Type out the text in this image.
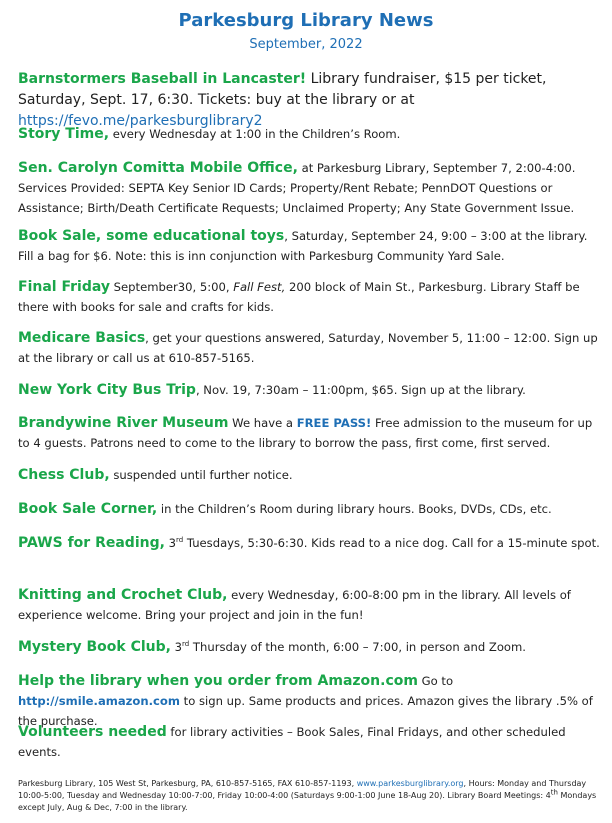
Parkesburg Library News
September, 2022
Barnstormers Baseball in Lancaster! Library fundraiser, $15 per ticket, Saturday, Sept. 17, 6:30. Tickets: buy at the library or at https://fevo.me/parkesburglibrary2
Story Time, every Wednesday at 1:00 in the Children’s Room.
Sen. Carolyn Comitta Mobile Office, at Parkesburg Library, September 7, 2:00-4:00. Services Provided: SEPTA Key Senior ID Cards; Property/Rent Rebate; PennDOT Questions or Assistance; Birth/Death Certificate Requests; Unclaimed Property; Any State Government Issue.
Book Sale, some educational toys, Saturday, September 24, 9:00 – 3:00 at the library. Fill a bag for $6. Note: this is inn conjunction with Parkesburg Community Yard Sale.
Final Friday September30, 5:00, Fall Fest, 200 block of Main St., Parkesburg. Library Staff be there with books for sale and crafts for kids.
Medicare Basics, get your questions answered, Saturday, November 5, 11:00 – 12:00. Sign up at the library or call us at 610-857-5165.
New York City Bus Trip, Nov. 19, 7:30am – 11:00pm, $65. Sign up at the library.
Brandywine River Museum We have a FREE PASS! Free admission to the museum for up to 4 guests. Patrons need to come to the library to borrow the pass, first come, first served.
Chess Club, suspended until further notice.
Book Sale Corner, in the Children’s Room during library hours. Books, DVDs, CDs, etc.
PAWS for Reading, 3rd Tuesdays, 5:30-6:30. Kids read to a nice dog. Call for a 15-minute spot.
Knitting and Crochet Club, every Wednesday, 6:00-8:00 pm in the library. All levels of experience welcome. Bring your project and join in the fun!
Mystery Book Club, 3rd Thursday of the month, 6:00 – 7:00, in person and Zoom.
Help the library when you order from Amazon.com Go to http://smile.amazon.com to sign up. Same products and prices. Amazon gives the library .5% of the purchase.
Volunteers needed for library activities – Book Sales, Final Fridays, and other scheduled events.
Parkesburg Library, 105 West St, Parkesburg, PA, 610-857-5165, FAX 610-857-1193, www.parkesburglibrary.org, Hours: Monday and Thursday 10:00-5:00, Tuesday and Wednesday 10:00-7:00, Friday 10:00-4:00 (Saturdays 9:00-1:00 June 18-Aug 20). Library Board Meetings: 4th Mondays except July, Aug & Dec, 7:00 in the library.
